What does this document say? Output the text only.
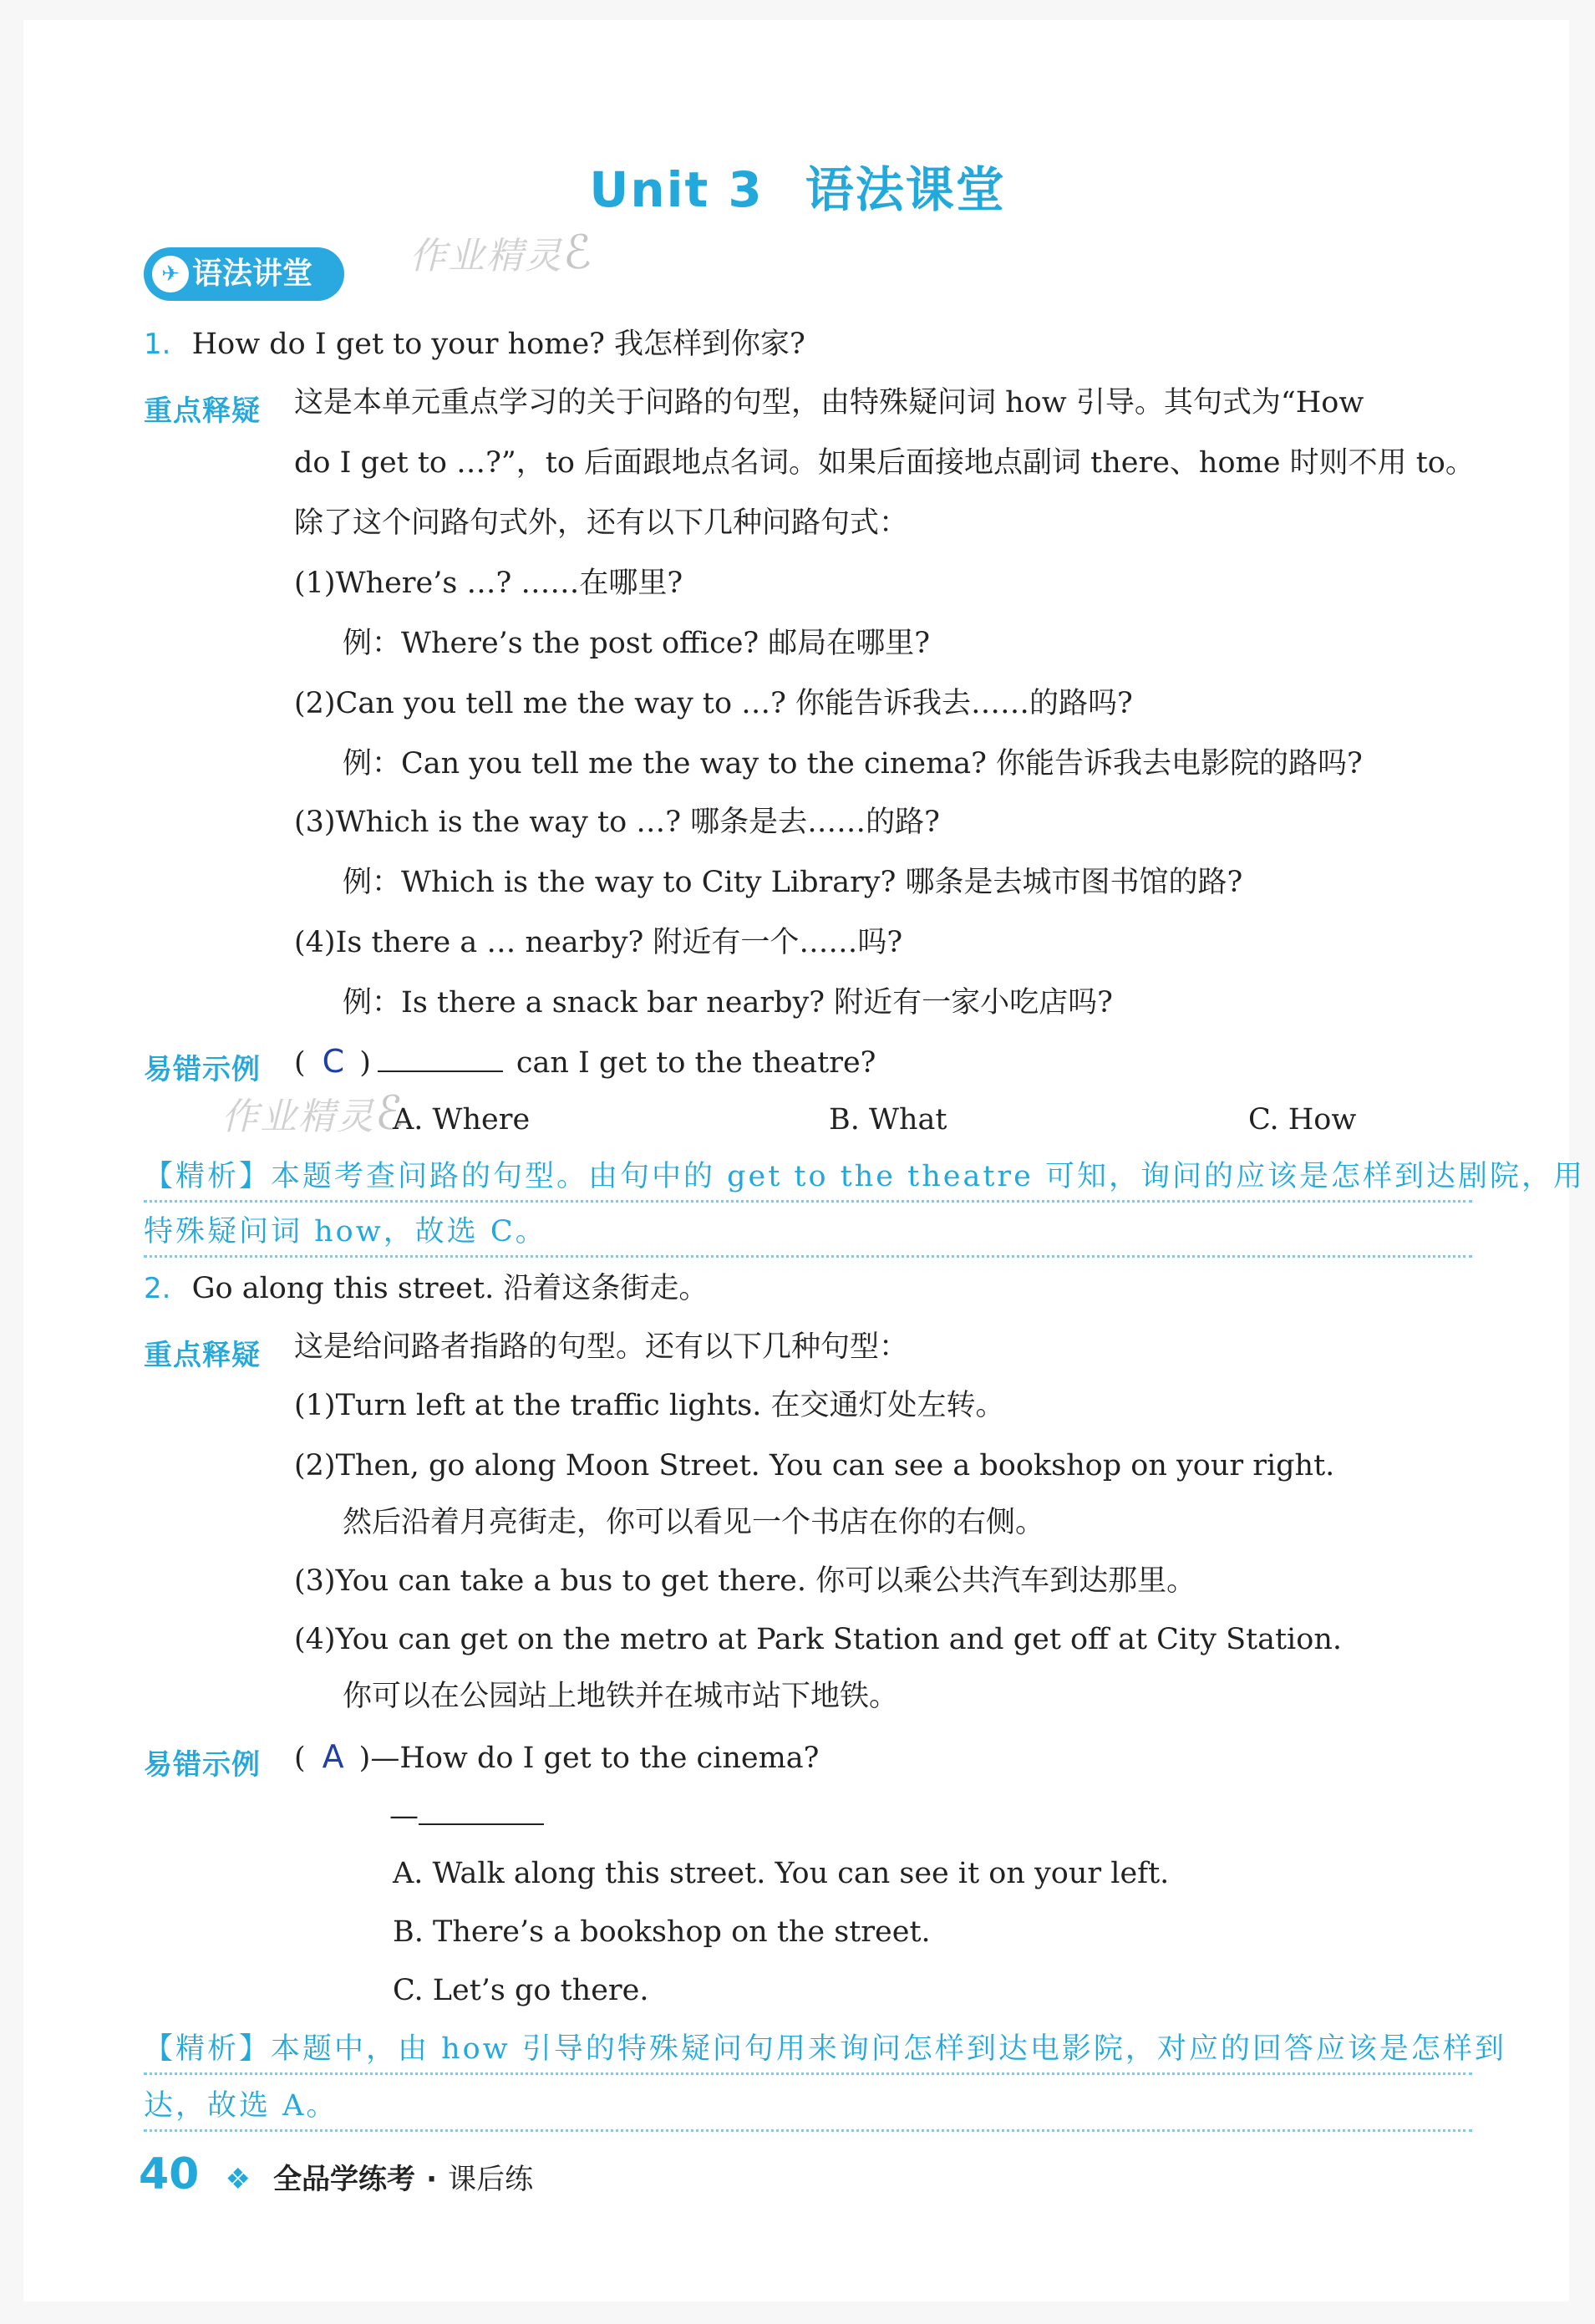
Unit 3 语法课堂
✈ 语法讲堂	作业精灵ℰ
作业精灵ℰ
1. How do I get to your home? 我怎样到你家?
重点释疑 这是本单元重点学习的关于问路的句型，由特殊疑问词 how 引导。其句式为“How
do I get to …?”，to 后面跟地点名词。如果后面接地点副词 there、home 时则不用 to。
除了这个问路句式外，还有以下几种问路句式：
(1)Where’s …? ……在哪里?
例：Where’s the post office? 邮局在哪里?
(2)Can you tell me the way to …? 你能告诉我去……的路吗?
例：Can you tell me the way to the cinema? 你能告诉我去电影院的路吗?
(3)Which is the way to …? 哪条是去……的路?
例：Which is the way to City Library? 哪条是去城市图书馆的路?
(4)Is there a … nearby? 附近有一个……吗?
例：Is there a snack bar nearby? 附近有一家小吃店吗?
易错示例 ( C )	can I get to the theatre?
A. Where	B. What	C. How
【精析】本题考查问路的句型。由句中的 get to the theatre 可知，询问的应该是怎样到达剧院，用
特殊疑问词 how，故选 C。
2. Go along this street. 沿着这条街走。
重点释疑 这是给问路者指路的句型。还有以下几种句型：
(1)Turn left at the traffic lights. 在交通灯处左转。
(2)Then, go along Moon Street. You can see a bookshop on your right.
然后沿着月亮街走，你可以看见一个书店在你的右侧。
(3)You can take a bus to get there. 你可以乘公共汽车到达那里。
(4)You can get on the metro at Park Station and get off at City Station.
你可以在公园站上地铁并在城市站下地铁。
易错示例 ( A )—How do I get to the cinema?
—
A. Walk along this street. You can see it on your left.
B. There’s a bookshop on the street.
C. Let’s go there.
【精析】本题中，由 how 引导的特殊疑问句用来询问怎样到达电影院，对应的回答应该是怎样到
达，故选 A。
40 ❖ 全品学练考 · 课后练
